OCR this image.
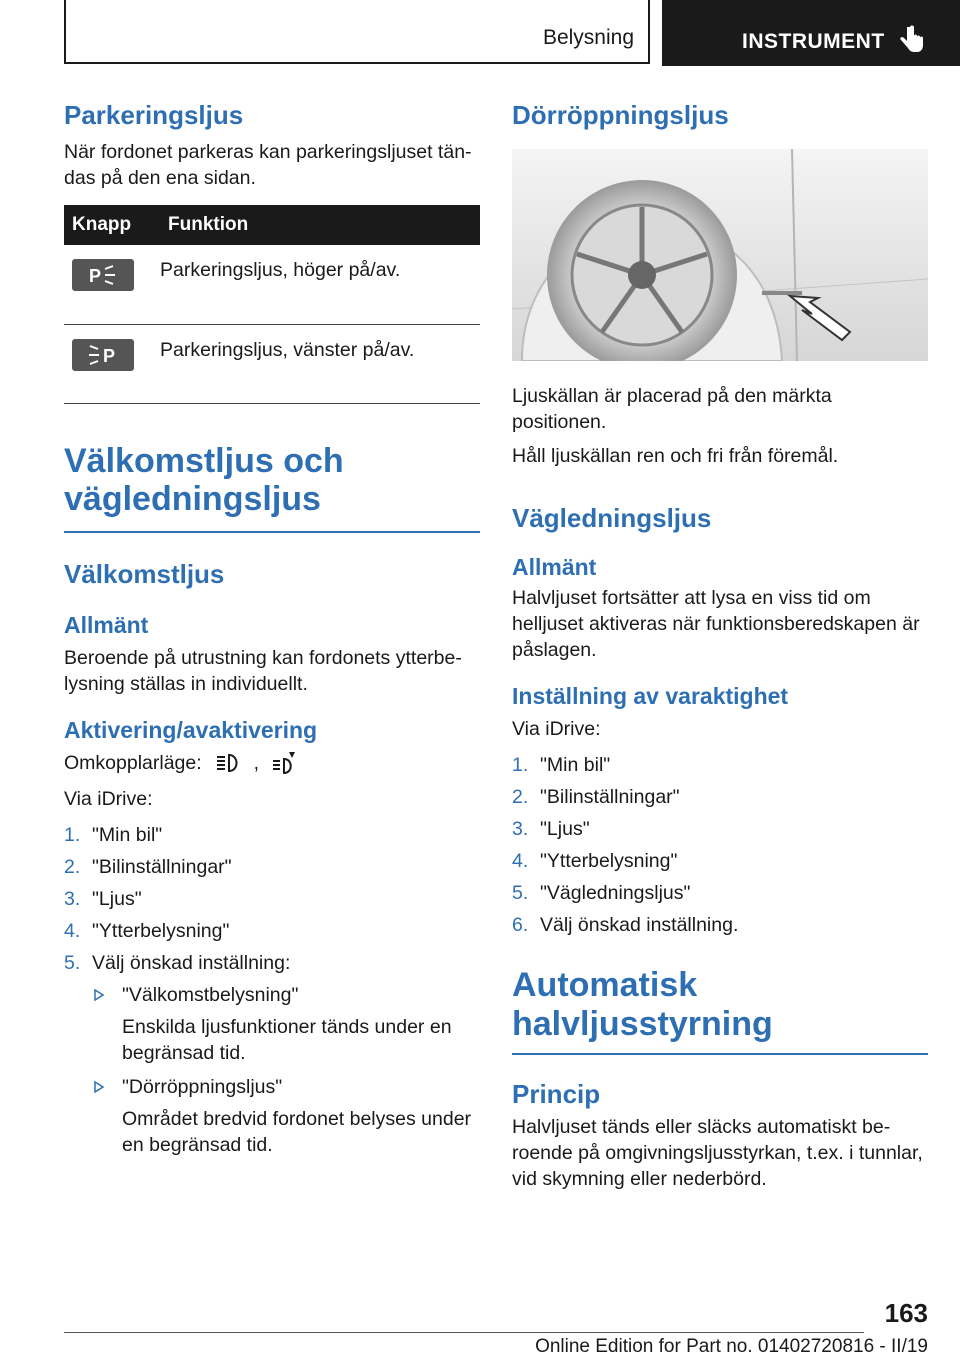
Belysning	INSTRUMENT
Parkeringsljus

När fordonet parkeras kan parkeringsljuset tändas på den ena sidan.

Knapp	Funktion

P	Parkeringsljus, höger på/av.

P	Parkeringsljus, vänster på/av.
Välkomstljus och vägledningsljus
Välkomstljus
Allmänt

Beroende på utrustning kan fordonets ytterbelysning ställas in individuellt.

Aktivering/avaktivering

Omkopplarläge:	,

Via iDrive:

1. "Min bil"
2. "Bilinställningar"
3. "Ljus"
4. "Ytterbelysning"
5. Välj önskad inställning:
"Välkomstbelysning"
Enskilda ljusfunktioner tänds under en begränsad tid.
"Dörröppningsljus"
Området bredvid fordonet belyses under en begränsad tid.
Dörröppningsljus

Ljuskällan är placerad på den märkta positionen.

Håll ljuskällan ren och fri från föremål.

Vägledningsljus
Allmänt

Halvljuset fortsätter att lysa en viss tid om helljuset aktiveras när funktionsberedskapen är påslagen.

Inställning av varaktighet

Via iDrive:

1. "Min bil"
2. "Bilinställningar"
3. "Ljus"
4. "Ytterbelysning"
5. "Vägledningsljus"
6. Välj önskad inställning.
Automatisk halvljusstyrning
Princip

Halvljuset tänds eller släcks automatiskt beroende på omgivningsljusstyrkan, t.ex. i tunnlar, vid skymning eller nederbörd.

163
Online Edition for Part no. 01402720816 - II/19
